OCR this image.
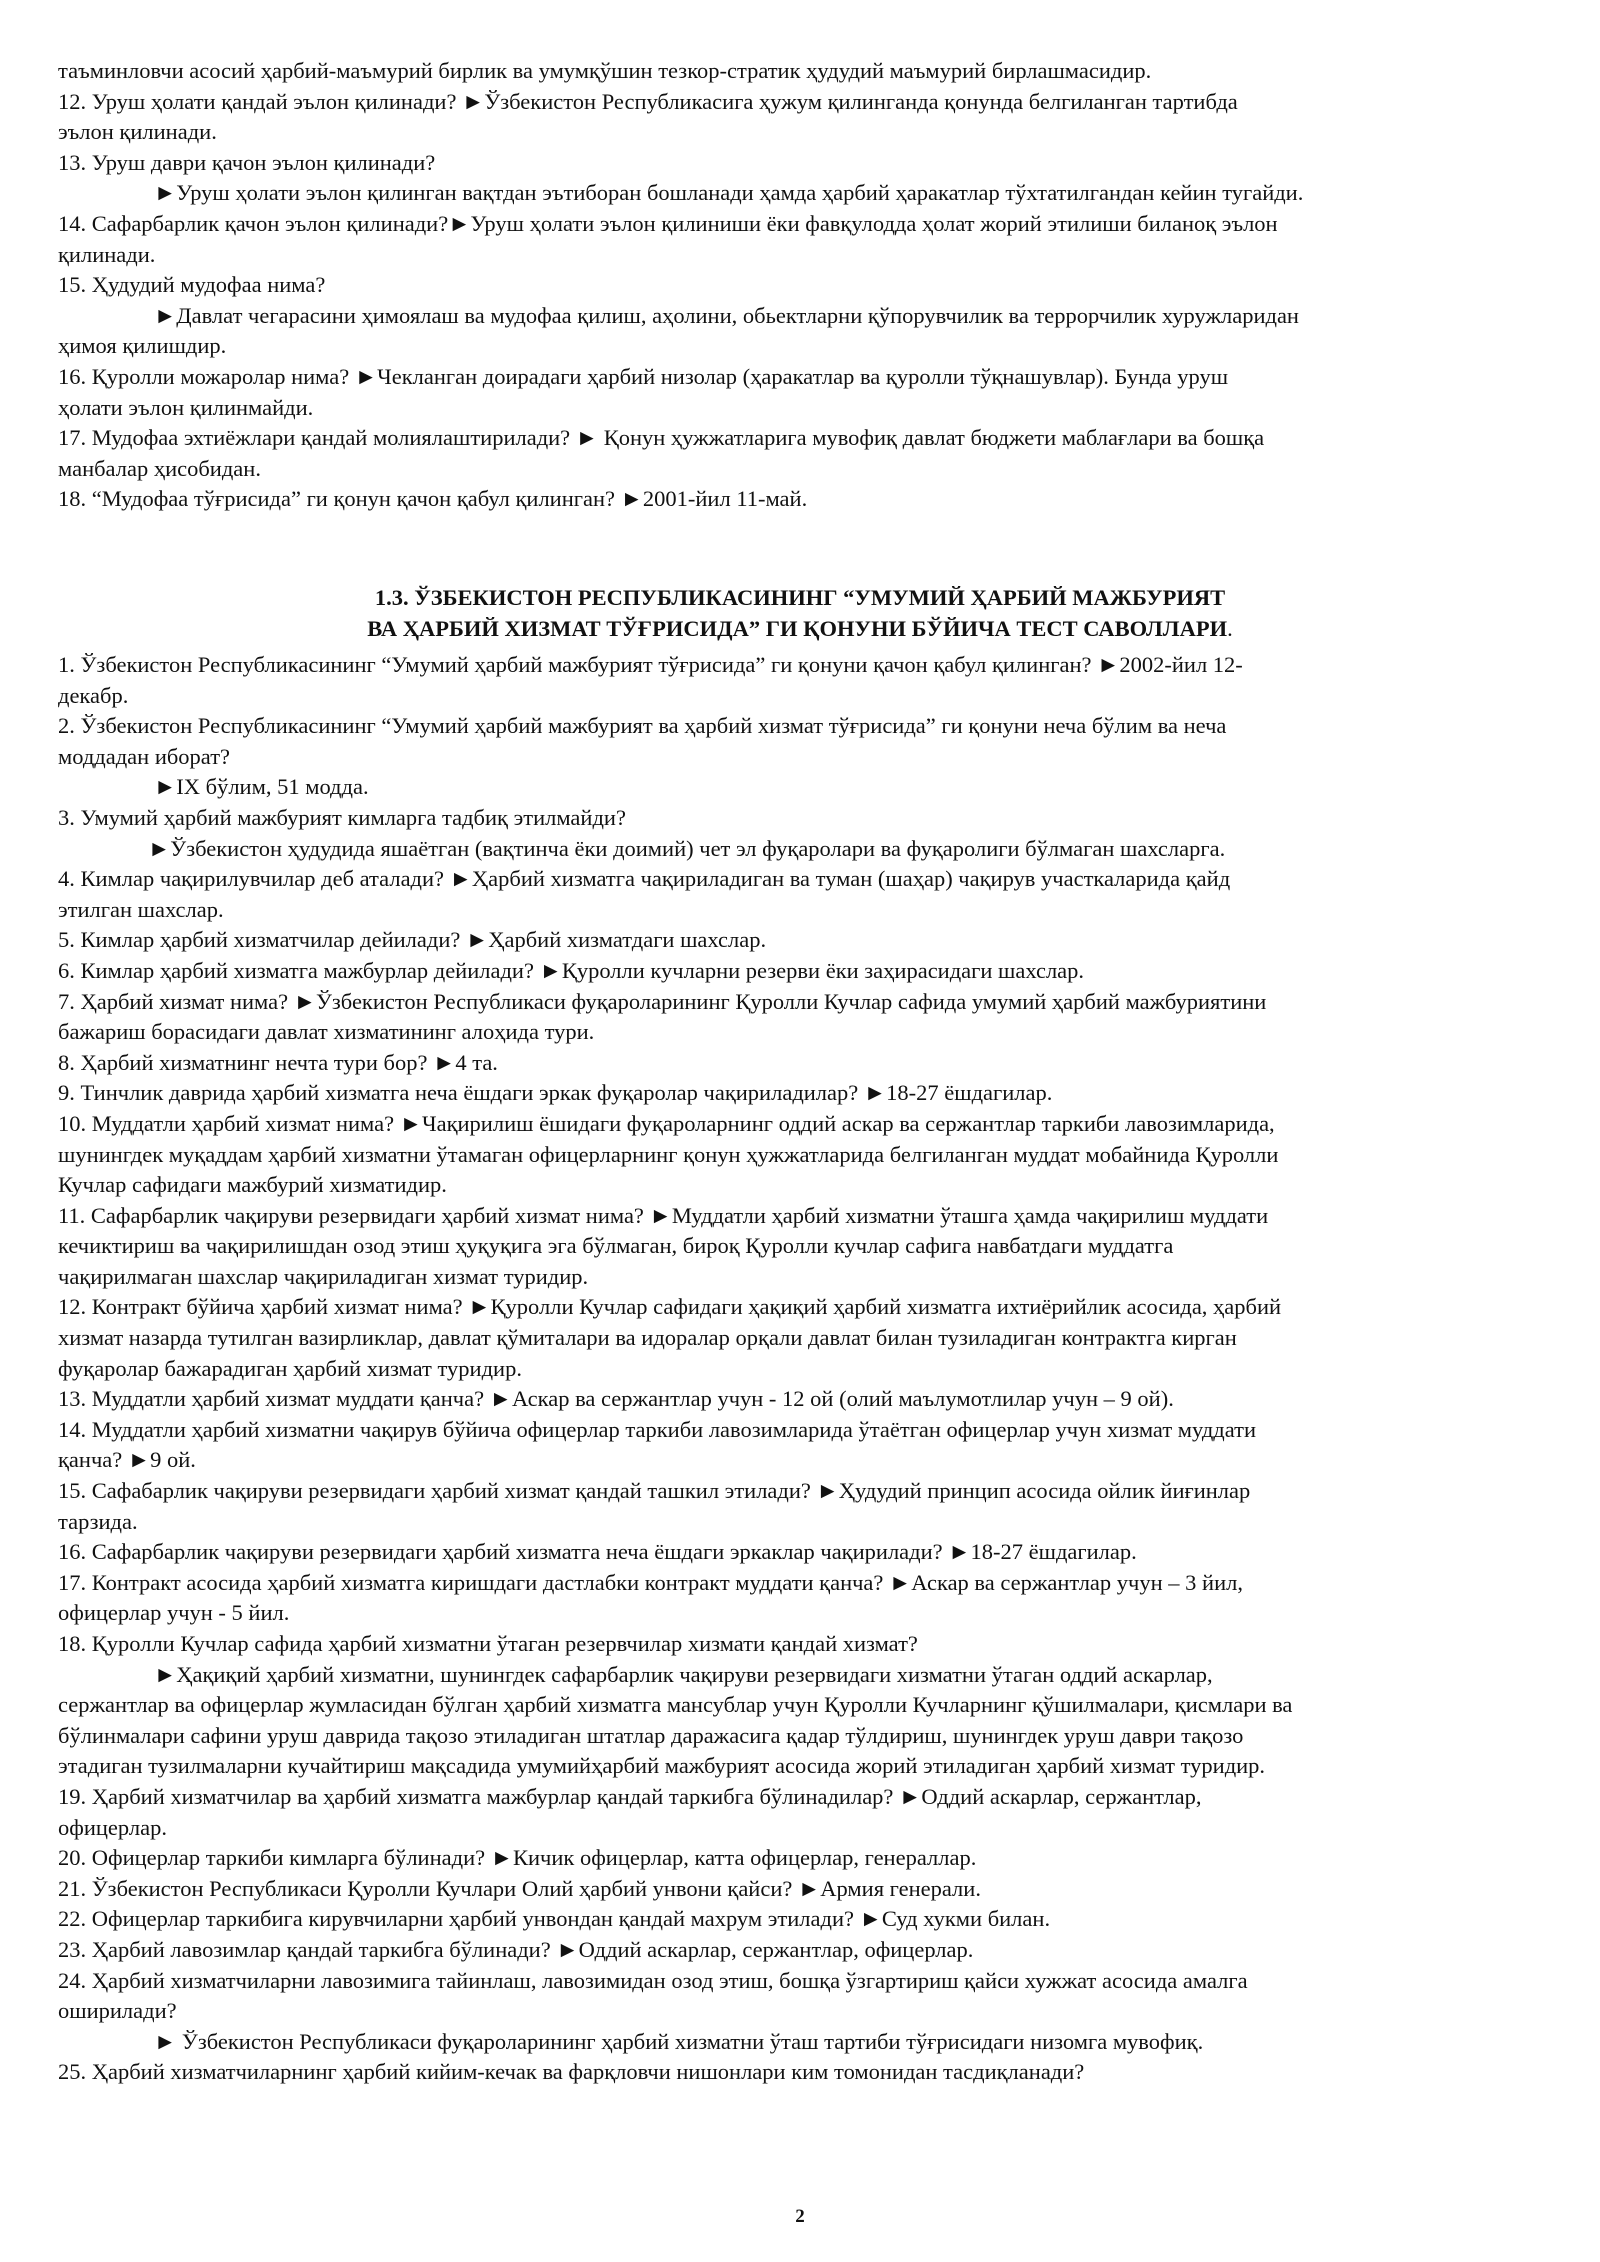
таъминловчи асосий ҳарбий-маъмурий бирлик ва умумқўшин тезкор-стратик ҳудудий маъмурий бирлашмасидир.
12. Уруш ҳолати қандай эълон қилинади? ►Ўзбекистон Республикасига ҳужум қилинганда қонунда белгиланган тартибда
эълон қилинади.
13. Уруш даври қачон эълон қилинади?
►Уруш ҳолати эълон қилинган вақтдан эътиборан бошланади ҳамда ҳарбий ҳаракатлар тўхтатилгандан кейин тугайди.
14. Сафарбарлик қачон эълон қилинади?►Уруш ҳолати эълон қилиниши ёки фавқулодда ҳолат жорий этилиши биланоқ эълон
қилинади.
15. Ҳудудий мудофаа нима?
►Давлат чегарасини ҳимоялаш ва мудофаа қилиш, аҳолини, обьектларни қўпорувчилик ва террорчилик хуружларидан
ҳимоя қилишдир.
16. Қуролли можаролар нима? ►Чекланган доирадаги ҳарбий низолар (ҳаракатлар ва қуролли тўқнашувлар). Бунда уруш
ҳолати эълон қилинмайди.
17. Мудофаа эхтиёжлари қандай молиялаштирилади? ► Қонун ҳужжатларига мувофиқ давлат бюджети маблағлари ва бошқа
манбалар ҳисобидан.
18. “Мудофаа тўғрисида” ги қонун қачон қабул қилинган? ►2001-йил 11-май.
1.3. ЎЗБЕКИСТОН РЕСПУБЛИКАСИНИНГ “УМУМИЙ ҲАРБИЙ МАЖБУРИЯТ
ВА ҲАРБИЙ ХИЗМАТ ТЎҒРИСИДА” ГИ ҚОНУНИ БЎЙИЧА ТЕСТ САВОЛЛАРИ.
1. Ўзбекистон Республикасининг “Умумий ҳарбий мажбурият тўғрисида” ги қонуни қачон қабул қилинган? ►2002-йил 12-
декабр.
2. Ўзбекистон Республикасининг “Умумий ҳарбий мажбурият ва ҳарбий хизмат тўғрисида” ги қонуни неча бўлим ва неча
моддадан иборат?
►IX бўлим, 51 модда.
3. Умумий ҳарбий мажбурият кимларга тадбиқ этилмайди?
►Ўзбекистон ҳудудида яшаётган (вақтинча ёки доимий) чет эл фуқаролари ва фуқаролиги бўлмаган шахсларга.
4. Кимлар чақирилувчилар деб аталади? ►Ҳарбий хизматга чақириладиган ва туман (шаҳар) чақирув участкаларида қайд
этилган шахслар.
5. Кимлар ҳарбий хизматчилар дейилади? ►Ҳарбий хизматдаги шахслар.
6. Кимлар ҳарбий хизматга мажбурлар дейилади? ►Қуролли кучларни резерви ёки заҳирасидаги шахслар.
7. Ҳарбий хизмат нима? ►Ўзбекистон Республикаси фуқароларининг Қуролли Кучлар сафида умумий ҳарбий мажбуриятини
бажариш борасидаги давлат хизматининг алоҳида тури.
8. Ҳарбий хизматнинг нечта тури бор? ►4 та.
9. Тинчлик даврида ҳарбий хизматга неча ёшдаги эркак фуқаролар чақириладилар? ►18-27 ёшдагилар.
10. Муддатли ҳарбий хизмат нима? ►Чақирилиш ёшидаги фуқароларнинг оддий аскар ва сержантлар таркиби лавозимларида,
шунингдек муқаддам ҳарбий хизматни ўтамаган офицерларнинг қонун ҳужжатларида белгиланган муддат мобайнида Қуролли
Кучлар сафидаги мажбурий хизматидир.
11. Сафарбарлик чақируви резервидаги ҳарбий хизмат нима? ►Муддатли ҳарбий хизматни ўташга ҳамда чақирилиш муддати
кечиктириш ва чақирилишдан озод этиш ҳуқуқига эга бўлмаган, бироқ Қуролли кучлар сафига навбатдаги муддатга
чақирилмаган шахслар чақириладиган хизмат туридир.
12. Контракт бўйича ҳарбий хизмат нима? ►Қуролли Кучлар сафидаги ҳақиқий ҳарбий хизматга ихтиёрийлик асосида, ҳарбий
хизмат назарда тутилган вазирликлар, давлат қўмиталари ва идоралар орқали давлат билан тузиладиган контрактга кирган
фуқаролар бажарадиган ҳарбий хизмат туридир.
13. Муддатли ҳарбий хизмат муддати қанча? ►Аскар ва сержантлар учун - 12 ой (олий маълумотлилар учун – 9 ой).
14. Муддатли ҳарбий хизматни чақирув бўйича офицерлар таркиби лавозимларида ўтаётган офицерлар учун хизмат муддати
қанча? ►9 ой.
15. Сафабарлик чақируви резервидаги ҳарбий хизмат қандай ташкил этилади? ►Ҳудудий принцип асосида ойлик йиғинлар
тарзида.
16. Сафарбарлик чақируви резервидаги ҳарбий хизматга неча ёшдаги эркаклар чақирилади? ►18-27 ёшдагилар.
17. Контракт асосида ҳарбий хизматга киришдаги дастлабки контракт муддати қанча? ►Аскар ва сержантлар учун – 3 йил,
офицерлар учун - 5 йил.
18. Қуролли Кучлар сафида ҳарбий хизматни ўтаган резервчилар хизмати қандай хизмат?
►Ҳақиқий ҳарбий хизматни, шунингдек сафарбарлик чақируви резервидаги хизматни ўтаган оддий аскарлар,
сержантлар ва офицерлар жумласидан бўлган ҳарбий хизматга мансублар учун Қуролли Кучларнинг қўшилмалари, қисмлари ва
бўлинмалари сафини уруш даврида тақозо этиладиган штатлар даражасига қадар тўлдириш, шунингдек уруш даври тақозо
этадиган тузилмаларни кучайтириш мақсадида умумийҳарбий мажбурият асосида жорий этиладиган ҳарбий хизмат туридир.
19. Ҳарбий хизматчилар ва ҳарбий хизматга мажбурлар қандай таркибга бўлинадилар? ►Оддий аскарлар, сержантлар,
офицерлар.
20. Офицерлар таркиби кимларга бўлинади? ►Кичик офицерлар, катта офицерлар, генераллар.
21. Ўзбекистон Республикаси Қуролли Кучлари Олий ҳарбий унвони қайси? ►Армия генерали.
22. Офицерлар таркибига кирувчиларни ҳарбий унвондан қандай махрум этилади? ►Суд хукми билан.
23. Ҳарбий лавозимлар қандай таркибга бўлинади? ►Оддий аскарлар, сержантлар, офицерлар.
24. Ҳарбий хизматчиларни лавозимига тайинлаш, лавозимидан озод этиш, бошқа ўзгартириш қайси хужжат асосида амалга
оширилади?
► Ўзбекистон Республикаси фуқароларининг ҳарбий хизматни ўташ тартиби тўғрисидаги низомга мувофиқ.
25. Ҳарбий хизматчиларнинг ҳарбий кийим-кечак ва фарқловчи нишонлари ким томонидан тасдиқланади?
2
